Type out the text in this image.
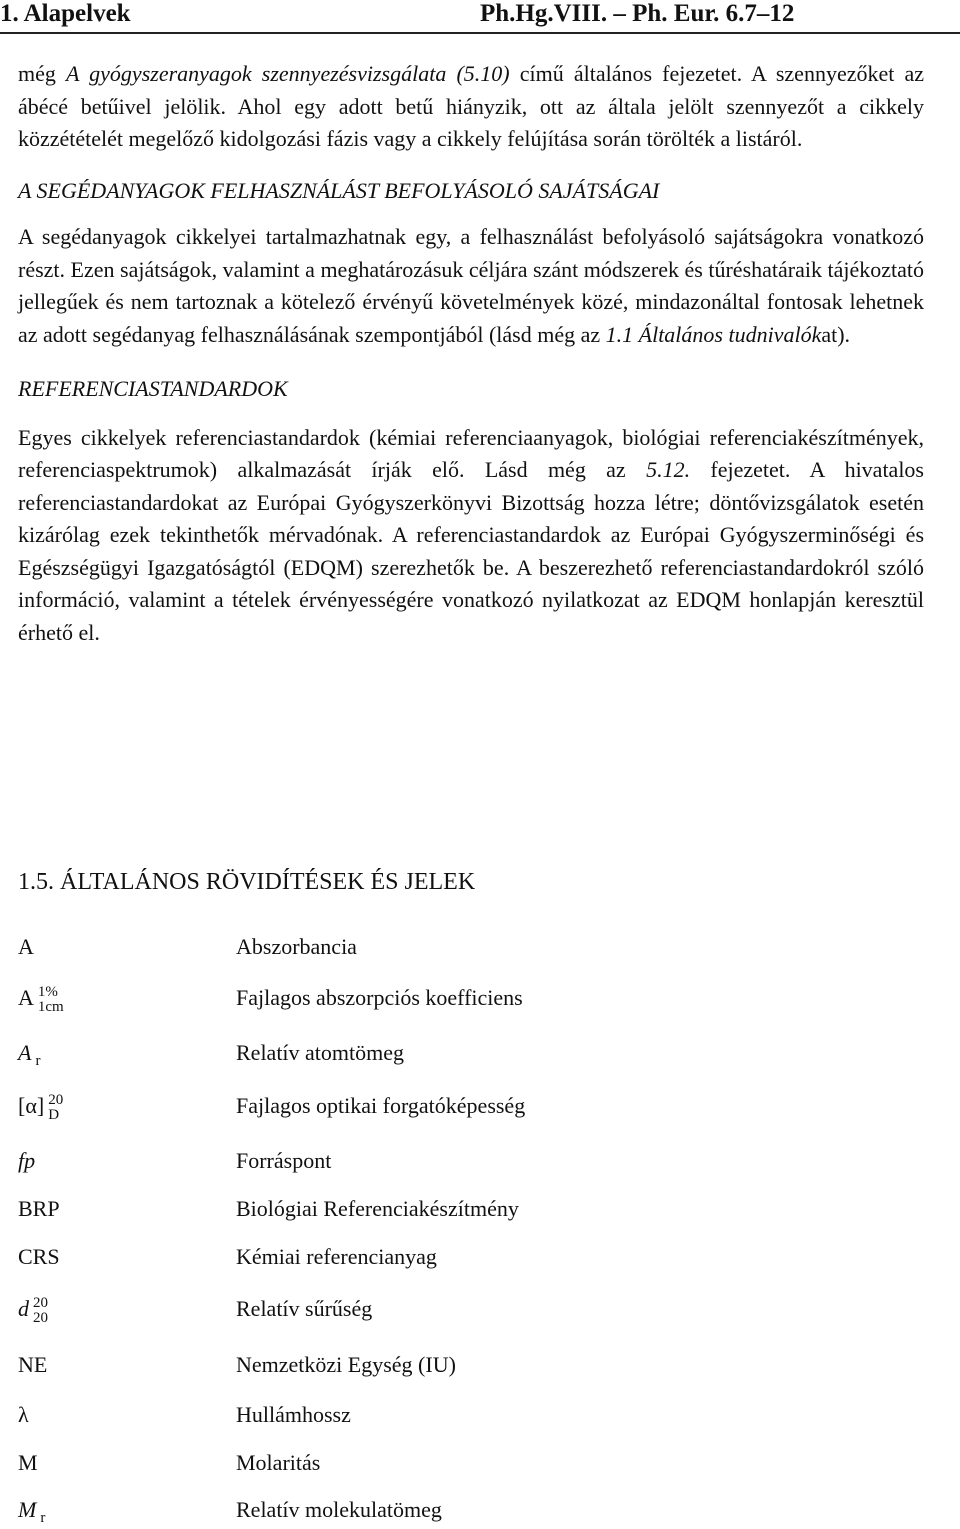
1. Alapelvek	Ph.Hg.VIII. – Ph. Eur. 6.7–12

még A gyógyszeranyagok szennyezésvizsgálata (5.10) című általános fejezetet. A szennyezőket az ábécé betűivel jelölik. Ahol egy adott betű hiányzik, ott az általa jelölt szennyezőt a cikkely közzétételét megelőző kidolgozási fázis vagy a cikkely felújítása során törölték a listáról.

A SEGÉDANYAGOK FELHASZNÁLÁST BEFOLYÁSOLÓ SAJÁTSÁGAI

A segédanyagok cikkelyei tartalmazhatnak egy, a felhasználást befolyásoló sajátságokra vonatkozó részt. Ezen sajátságok, valamint a meghatározásuk céljára szánt módszerek és tűréshatáraik tájékoztató jellegűek és nem tartoznak a kötelező érvényű követelmények közé, mindazonáltal fontosak lehetnek az adott segédanyag felhasználásának szempontjából (lásd még az 1.1 Általános tudnivalókat).

REFERENCIASTANDARDOK

Egyes cikkelyek referenciastandardok (kémiai referenciaanyagok, biológiai referenciakészítmények, referenciaspektrumok) alkalmazását írják elő. Lásd még az 5.12. fejezetet. A hivatalos referenciastandardokat az Európai Gyógyszerkönyvi Bizottság hozza létre; döntővizsgálatok esetén kizárólag ezek tekinthetők mérvadónak. A referenciastandardok az Európai Gyógyszerminőségi és Egészségügyi Igazgatóságtól (EDQM) szerezhetők be. A beszerezhető referenciastandardokról szóló információ, valamint a tételek érvényességére vonatkozó nyilatkozat az EDQM honlapján keresztül érhető el.

1.5. ÁLTALÁNOS RÖVIDÍTÉSEK ÉS JELEK
A	Abszorbancia
A 1%
1cm	Fajlagos abszorpciós koefficiens
A r	Relatív atomtömeg
[α] 20
D	Fajlagos optikai forgatóképesség
fp	Forráspont
BRP	Biológiai Referenciakészítmény
CRS	Kémiai referencianyag
d 20
20	Relatív sűrűség
NE	Nemzetközi Egység (IU)
λ	Hullámhossz
M	Molaritás
M r	Relatív molekulatömeg
